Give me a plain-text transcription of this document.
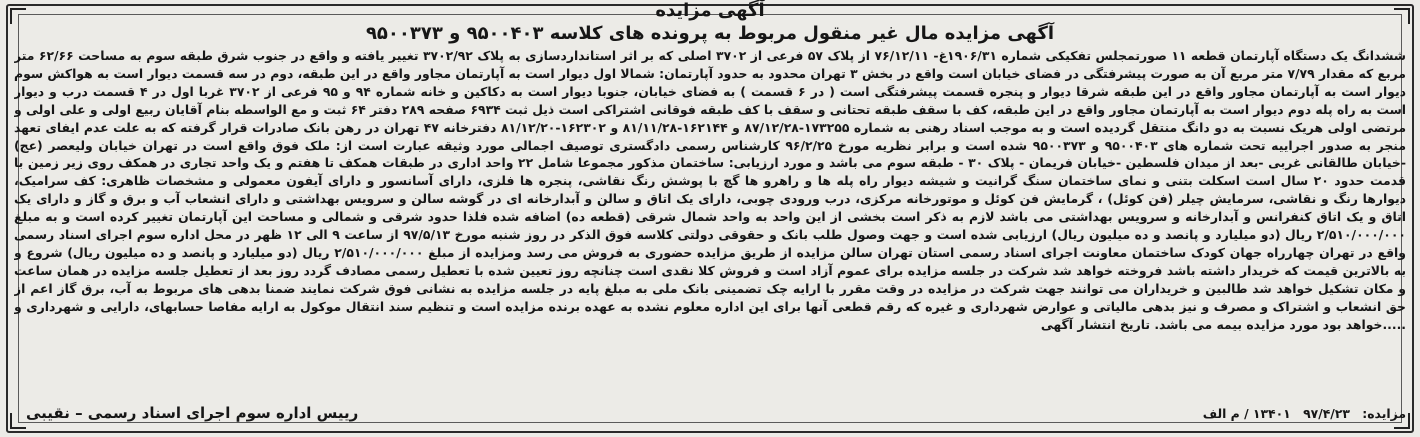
آگهی مزایده

آگهی مزایده مال غیر منقول مربوط به پرونده های کلاسه ۹۵۰۰۴۰۳ و ۹۵۰۰۳۷۳

ششدانگ یک دستگاه آپارتمان قطعه ۱۱ صورتمجلس تفکیکی شماره ۱۹۰۶/۳۱غ- ۷۶/۱۲/۱۱ از پلاک ۵۷ فرعی از ۳۷۰۲ اصلی که بر اثر استانداردسازی به پلاک ۳۷۰۲/۹۲ تغییر یافته و واقع در جنوب شرق طبقه سوم به مساحت ۶۲/۶۶ متر مربع که مقدار ۷/۷۹ متر مربع آن به صورت پیشرفتگی در فضای خیابان است واقع در بخش ۳ تهران محدود به حدود آپارتمان: شمالا اول دیوار است به آپارتمان مجاور واقع در این طبقه، دوم در سه قسمت دیوار است به هواکش سوم دیوار است به آپارتمان مجاور واقع در این طبقه شرقا دیوار و پنجره قسمت پیشرفتگی است ( در ۶ قسمت ) به فضای خیابان، جنوبا دیوار است به دکاکین و خانه شماره ۹۴ و ۹۵ فرعی از ۳۷۰۲ غربا اول در ۴ قسمت درب و دیوار است به راه پله دوم دیوار است به آپارتمان مجاور واقع در این طبقه، کف با سقف طبقه تحتانی و سقف با کف طبقه فوقانی اشتراکی است ذیل ثبت ۶۹۳۴ صفحه ۲۸۹ دفتر ۶۴ ثبت و مع الواسطه بنام آقایان ربیع اولی و علی اولی و مرتضی اولی هریک نسبت به دو دانگ منتقل گردیده است و به موجب اسناد رهنی به شماره ۱۷۳۲۵۵-۸۷/۱۲/۲۸ و ۱۶۲۱۴۴-۸۱/۱۱/۲۸ و ۱۶۲۳۰۲-۸۱/۱۲/۲۰ دفترخانه ۴۷ تهران در رهن بانک صادرات قرار گرفته که به علت عدم ایفای تعهد منجر به صدور اجراییه تحت شماره های ۹۵۰۰۴۰۳ و ۹۵۰۰۳۷۳ شده است و برابر نظریه مورخ ۹۶/۲/۲۵ کارشناس رسمی دادگستری توصیف اجمالی مورد وثیقه عبارت است از: ملک فوق واقع است در تهران خیابان ولیعصر (عج) -خیابان طالقانی غربی -بعد از میدان فلسطین -خیابان فریمان - پلاک ۳۰ - طبقه سوم می باشد و مورد ارزیابی: ساختمان مذکور مجموعا شامل ۲۲ واحد اداری در طبقات همکف تا هفتم و یک واحد تجاری در همکف روی زیر زمین با قدمت حدود ۲۰ سال است اسکلت بتنی و نمای ساختمان سنگ گرانیت و شیشه دیوار راه پله ها و راهرو ها گچ با پوشش رنگ نقاشی، پنجره ها فلزی، دارای آسانسور و دارای آیفون معمولی و مشخصات ظاهری: کف سرامیک، دیوارها رنگ و نقاشی، سرمایش چیلر (فن کوئل) ، گرمایش فن کوئل و موتورخانه مرکزی، درب ورودی چوبی، دارای یک اتاق و سالن و آبدارخانه ای در گوشه سالن و سرویس بهداشتی و دارای انشعاب آب و برق و گاز و دارای یک اتاق و یک اتاق کنفرانس و آبدارخانه و سرویس بهداشتی می باشد لازم به ذکر است بخشی از این واحد به واحد شمال شرقی (قطعه ده) اضافه شده فلذا حدود شرقی و شمالی و مساحت این آپارتمان تغییر کرده است و به مبلغ ۲/۵۱۰/۰۰۰/۰۰۰ ریال (دو میلیارد و پانصد و ده میلیون ریال) ارزیابی شده است و جهت وصول طلب بانک و حقوقی دولتی کلاسه فوق الذکر در روز شنبه مورخ ۹۷/۵/۱۳ از ساعت ۹ الی ۱۲ ظهر در محل اداره سوم اجرای اسناد رسمی واقع در تهران چهارراه جهان کودک ساختمان معاونت اجرای اسناد رسمی استان تهران سالن مزایده از طریق مزایده حضوری به فروش می رسد ومزایده از مبلغ ۲/۵۱۰/۰۰۰/۰۰۰ ریال (دو میلیارد و پانصد و ده میلیون ریال) شروع و به بالاترین قیمت که خریدار داشته باشد فروخته خواهد شد شرکت در جلسه مزایده برای عموم آزاد است و فروش کلا نقدی است چنانچه روز تعیین شده با تعطیل رسمی مصادف گردد روز بعد از تعطیل جلسه مزایده در همان ساعت و مکان تشکیل خواهد شد طالبین و خریداران می توانند جهت شرکت در مزایده در وقت مقرر با ارایه چک تضمینی بانک ملی به مبلغ پایه در جلسه مزایده به نشانی فوق شرکت نمایند ضمنا بدهی های مربوط به آب، برق گاز اعم از حق انشعاب و اشتراک و مصرف و نیز بدهی مالیاتی و عوارض شهرداری و غیره که رقم قطعی آنها برای این اداره معلوم نشده به عهده برنده مزایده است و تنظیم سند انتقال موکول به ارایه مفاصا حسابهای، دارایی و شهرداری و .....خواهد بود مورد مزایده بیمه می باشد. تاریخ انتشار آگهی

مزایده: ۹۷/۴/۲۳ ۱۳۴۰۱ / م الف
رییس اداره سوم اجرای اسناد رسمی – نقیبی
